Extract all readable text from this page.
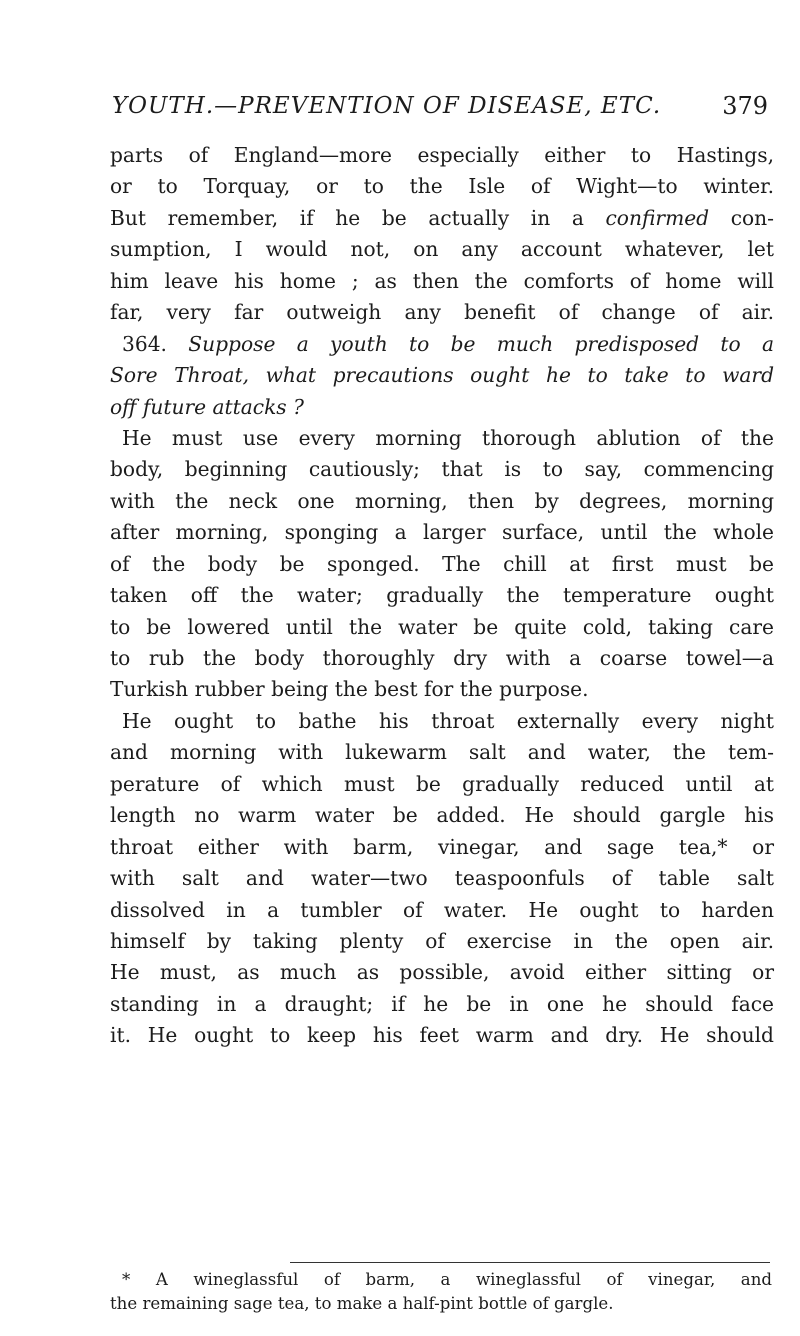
YOUTH.—PREVENTION OF DISEASE, ETC.	379
parts of England—more especially either to Hastings,
or to Torquay, or to the Isle of Wight—to winter.
But remember, if he be actually in a confirmed con-
sumption, I would not, on any account whatever, let
him leave his home ; as then the comforts of home will
far, very far outweigh any benefit of change of air.
364. Suppose a youth to be much predisposed to a
Sore Throat, what precautions ought he to take to ward
off future attacks ?
He must use every morning thorough ablution of the
body, beginning cautiously; that is to say, commencing
with the neck one morning, then by degrees, morning
after morning, sponging a larger surface, until the whole
of the body be sponged. The chill at first must be
taken off the water; gradually the temperature ought
to be lowered until the water be quite cold, taking care
to rub the body thoroughly dry with a coarse towel—a
Turkish rubber being the best for the purpose.
He ought to bathe his throat externally every night
and morning with lukewarm salt and water, the tem-
perature of which must be gradually reduced until at
length no warm water be added. He should gargle his
throat either with barm, vinegar, and sage tea,* or
with salt and water—two teaspoonfuls of table salt
dissolved in a tumbler of water. He ought to harden
himself by taking plenty of exercise in the open air.
He must, as much as possible, avoid either sitting or
standing in a draught; if he be in one he should face
it. He ought to keep his feet warm and dry. He should
* A wineglassful of barm, a wineglassful of vinegar, and
the remaining sage tea, to make a half-pint bottle of gargle.
